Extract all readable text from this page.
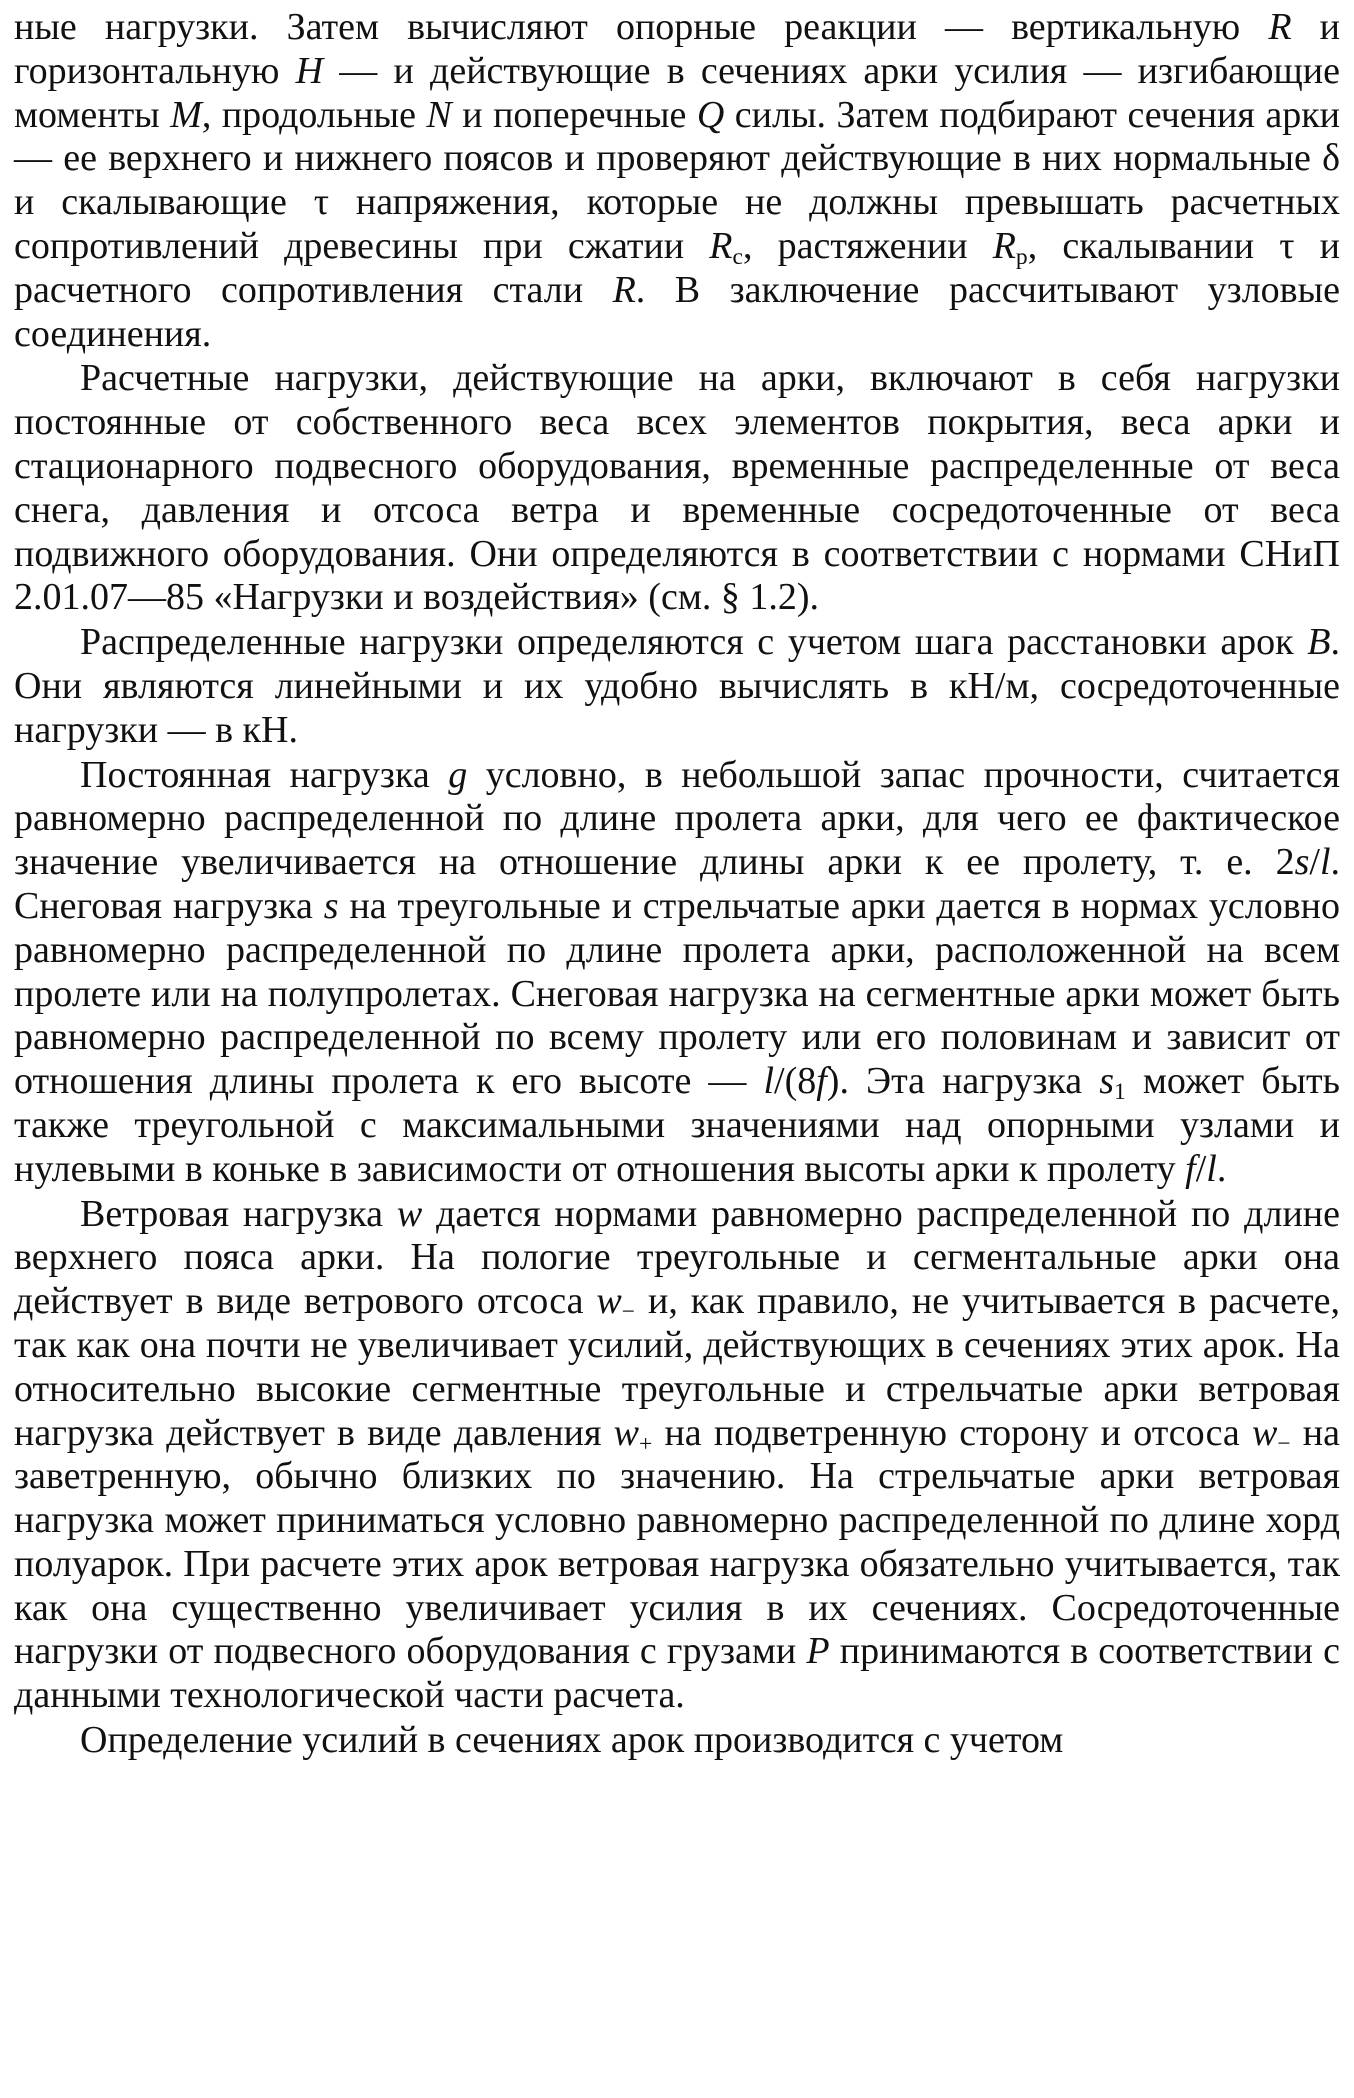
ные нагрузки. Затем вычисляют опорные реакции — вертикальную R и горизонтальную H — и действующие в сечениях арки усилия — изгибающие моменты M, продольные N и поперечные Q силы. Затем подбирают сечения арки — ее верхнего и нижнего поясов и проверяют действующие в них нормальные δ и скалывающие τ напряжения, которые не должны превышать расчетных сопротивлений древесины при сжатии $R_с$, растяжении $R_р$, скалывании τ и расчетного сопротивления стали R. В заключение рассчитывают узловые соединения.

Расчетные нагрузки, действующие на арки, включают в себя нагрузки постоянные от собственного веса всех элементов покрытия, веса арки и стационарного подвесного оборудования, временные распределенные от веса снега, давления и отсоса ветра и временные сосредоточенные от веса подвижного оборудования. Они определяются в соответствии с нормами СНиП 2.01.07—85 «Нагрузки и воздействия» (см. § 1.2).

Распределенные нагрузки определяются с учетом шага расстановки арок B. Они являются линейными и их удобно вычислять в кН/м, сосредоточенные нагрузки — в кН.

Постоянная нагрузка g условно, в небольшой запас прочности, считается равномерно распределенной по длине пролета арки, для чего ее фактическое значение увеличивается на отношение длины арки к ее пролету, т. е. 2s/l. Снеговая нагрузка s на треугольные и стрельчатые арки дается в нормах условно равномерно распределенной по длине пролета арки, расположенной на всем пролете или на полупролетах. Снеговая нагрузка на сегментные арки может быть равномерно распределенной по всему пролету или его половинам и зависит от отношения длины пролета к его высоте — l/(8f). Эта нагрузка $s_1$ может быть также треугольной с максимальными значениями над опорными узлами и нулевыми в коньке в зависимости от отношения высоты арки к пролету f/l.

Ветровая нагрузка w дается нормами равномерно распределенной по длине верхнего пояса арки. На пологие треугольные и сегментальные арки она действует в виде ветрового отсоса $w_-$ и, как правило, не учитывается в расчете, так как она почти не увеличивает усилий, действующих в сечениях этих арок. На относительно высокие сегментные треугольные и стрельчатые арки ветровая нагрузка действует в виде давления $w_+$ на подветренную сторону и отсоса $w_-$ на заветренную, обычно близких по значению. На стрельчатые арки ветровая нагрузка может приниматься условно равномерно распределенной по длине хорд полуарок. При расчете этих арок ветровая нагрузка обязательно учитывается, так как она существенно увеличивает усилия в их сечениях. Сосредоточенные нагрузки от подвесного оборудования с грузами P принимаются в соответствии с данными технологической части расчета.

Определение усилий в сечениях арок производится с учетом
